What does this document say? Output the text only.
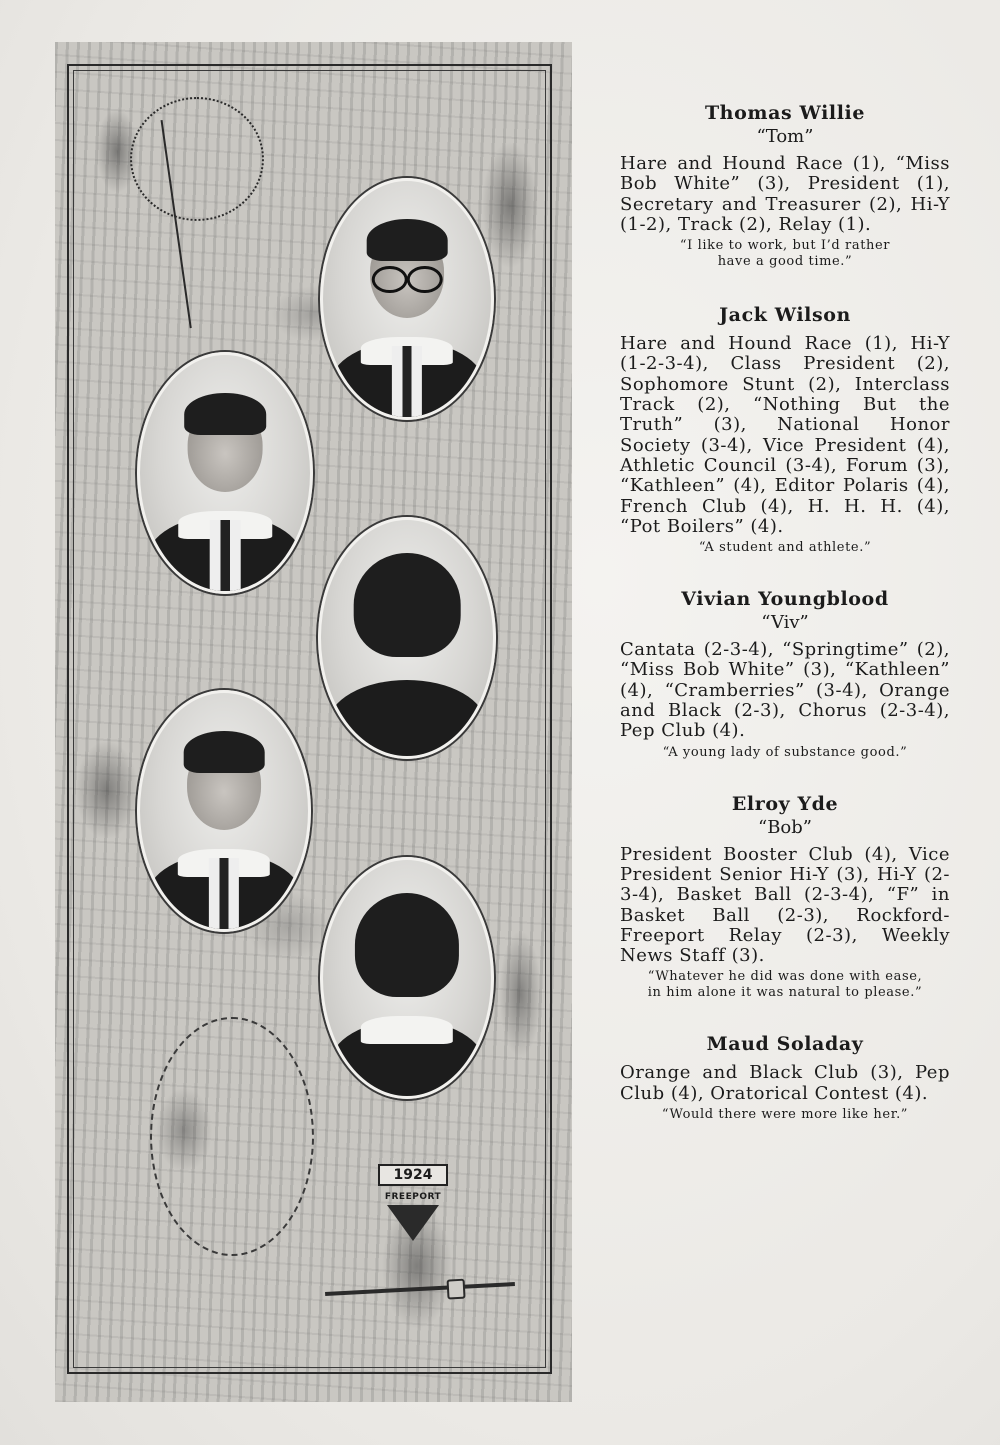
1924
FREEPORT
Thomas Willie
“Tom”

Hare and Hound Race (1), “Miss Bob White” (3), President (1), Secretary and Treasurer (2), Hi-Y (1-2), Track (2), Relay (1).

“I like to work, but I’d rather
have a good time.”
Jack Wilson

Hare and Hound Race (1), Hi-Y (1-2-3-4), Class President (2), Sophomore Stunt (2), Interclass Track (2), “Nothing But the Truth” (3), National Honor Society (3-4), Vice President (4), Athletic Council (3-4), Forum (3), “Kathleen” (4), Editor Polaris (4), French Club (4), H. H. H. (4), “Pot Boilers” (4).

“A student and athlete.”
Vivian Youngblood
“Viv”

Cantata (2-3-4), “Springtime” (2), “Miss Bob White” (3), “Kathleen” (4), “Cramberries” (3-4), Orange and Black (2-3), Chorus (2-3-4), Pep Club (4).

“A young lady of substance good.”
Elroy Yde
“Bob”

President Booster Club (4), Vice President Senior Hi-Y (3), Hi-Y (2-3-4), Basket Ball (2-3-4), “F” in Basket Ball (2-3), Rockford-Freeport Relay (2-3), Weekly News Staff (3).

“Whatever he did was done with ease,
in him alone it was natural to please.”
Maud Soladay

Orange and Black Club (3), Pep Club (4), Oratorical Contest (4).

“Would there were more like her.”
